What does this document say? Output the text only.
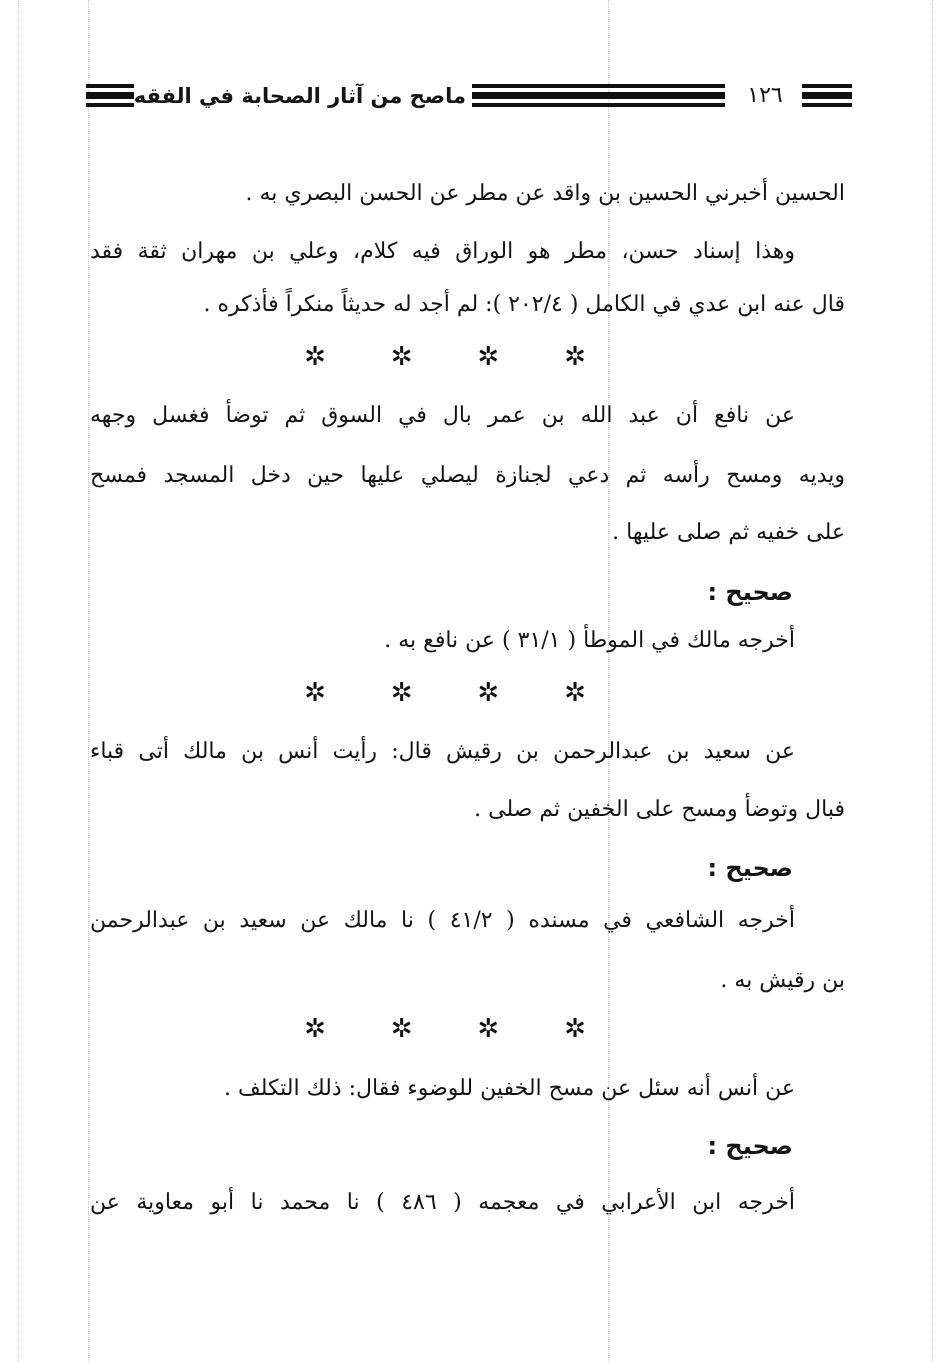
ماصح من آثار الصحابة في الفقه	١٢٦
الحسين أخبرني الحسين بن واقد عن مطر عن الحسن البصري به .
وهذا إسناد حسن، مطر هو الوراق فيه كلام، وعلي بن مهران ثقة فقد
قال عنه ابن عدي في الكامل ( ٢٠٢/٤ ): لم أجد له حديثاً منكراً فأذكره .
✲ ✲ ✲ ✲
عن نافع أن عبد الله بن عمر بال في السوق ثم توضأ فغسل وجهه
ويديه ومسح رأسه ثم دعي لجنازة ليصلي عليها حين دخل المسجد فمسح
على خفيه ثم صلى عليها .
صحيح :
أخرجه مالك في الموطأ ( ٣١/١ ) عن نافع به .
✲ ✲ ✲ ✲
عن سعيد بن عبدالرحمن بن رقيش قال: رأيت أنس بن مالك أتى قباء
فبال وتوضأ ومسح على الخفين ثم صلى .
صحيح :
أخرجه الشافعي في مسنده ( ٤١/٢ ) نا مالك عن سعيد بن عبدالرحمن
بن رقيش به .
✲ ✲ ✲ ✲
عن أنس أنه سئل عن مسح الخفين للوضوء فقال: ذلك التكلف .
صحيح :
أخرجه ابن الأعرابي في معجمه ( ٤٨٦ ) نا محمد نا أبو معاوية عن
